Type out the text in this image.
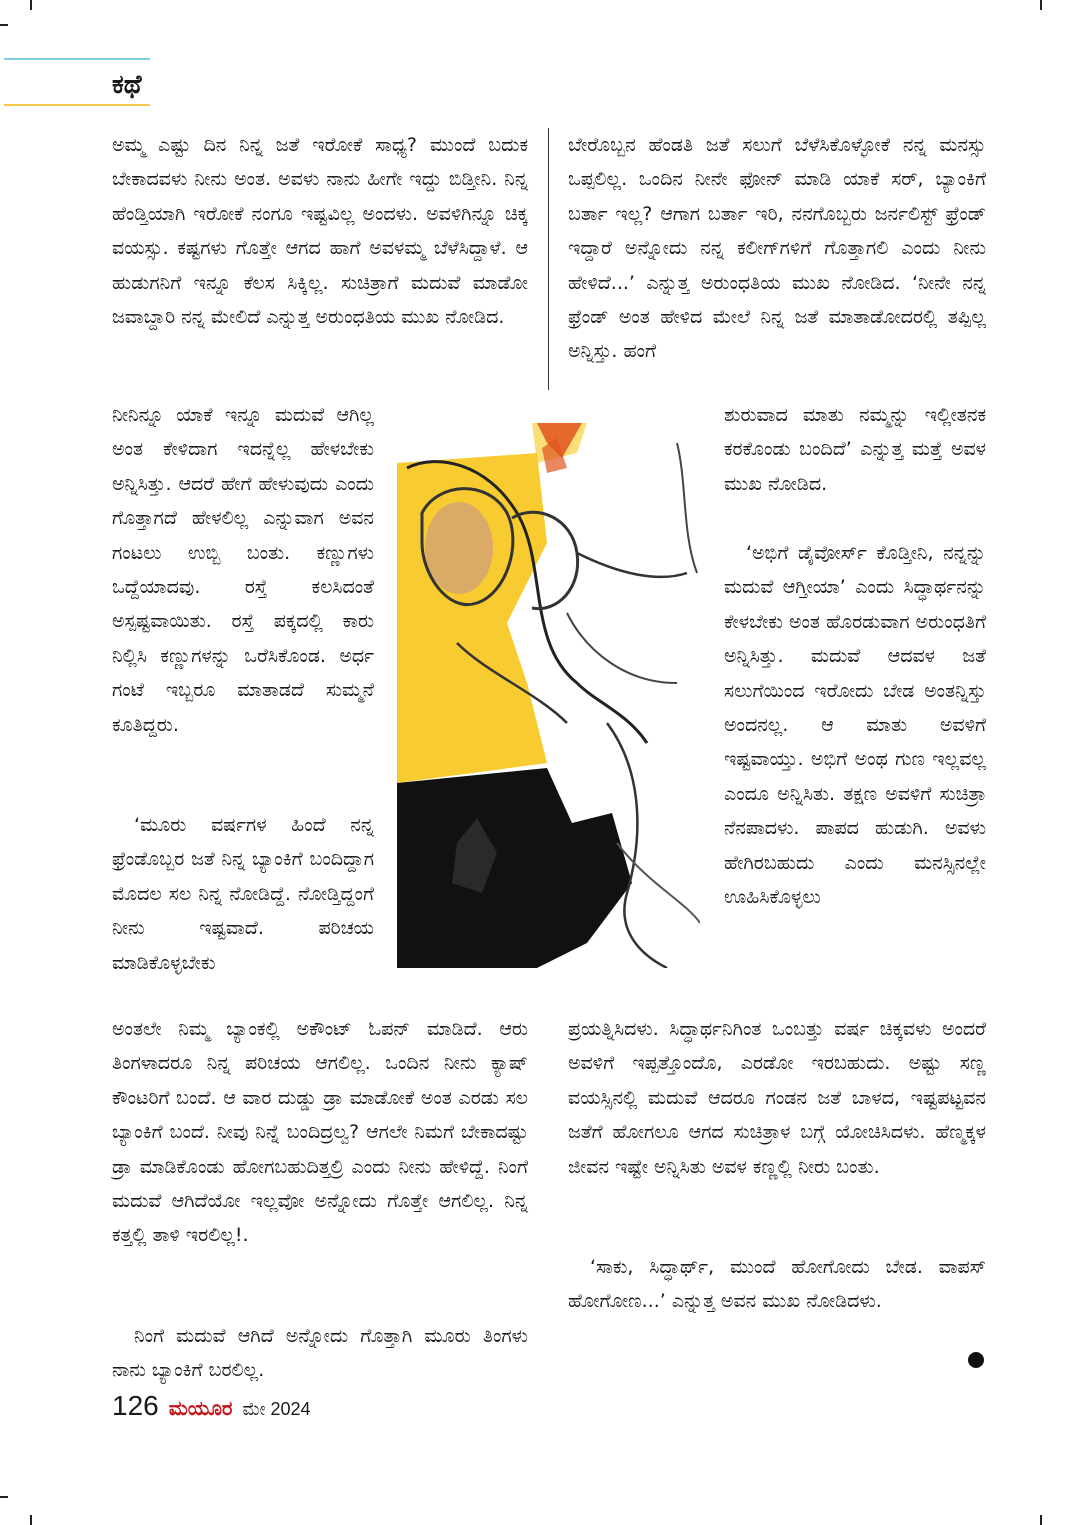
ಕಥೆ

ಅಮ್ಮ ಎಷ್ಟು ದಿನ ನಿನ್ನ ಜತೆ ಇರೋಕೆ ಸಾಧ್ಯ? ಮುಂದೆ ಬದುಕ ಬೇಕಾದವಳು ನೀನು ಅಂತ. ಅವಳು ನಾನು ಹೀಗೇ ಇದ್ದು ಬಿಡ್ತೀನಿ. ನಿನ್ನ ಹೆಂಡ್ತಿಯಾಗಿ ಇರೋಕೆ ನಂಗೂ ಇಷ್ಟವಿಲ್ಲ ಅಂದಳು. ಅವಳಿಗಿನ್ನೂ ಚಿಕ್ಕ ವಯಸ್ಸು. ಕಷ್ಟಗಳು ಗೊತ್ತೇ ಆಗದ ಹಾಗೆ ಅವಳಮ್ಮ ಬೆಳೆಸಿದ್ದಾಳೆ. ಆ ಹುಡುಗನಿಗೆ ಇನ್ನೂ ಕೆಲಸ ಸಿಕ್ಕಿಲ್ಲ. ಸುಚಿತ್ರಾಗೆ ಮದುವೆ ಮಾಡೋ ಜವಾಬ್ದಾರಿ ನನ್ನ ಮೇಲಿದೆ ಎನ್ನುತ್ತ ಅರುಂಧತಿಯ ಮುಖ ನೋಡಿದ.

ನೀನಿನ್ನೂ ಯಾಕೆ ಇನ್ನೂ ಮದುವೆ ಆಗಿಲ್ಲ ಅಂತ ಕೇಳಿದಾಗ ಇದನ್ನೆಲ್ಲ ಹೇಳಬೇಕು ಅನ್ನಿಸಿತ್ತು. ಆದರೆ ಹೇಗೆ ಹೇಳುವುದು ಎಂದು ಗೊತ್ತಾಗದೆ ಹೇಳಲಿಲ್ಲ ಎನ್ನುವಾಗ ಅವನ ಗಂಟಲು ಉಬ್ಬಿ ಬಂತು. ಕಣ್ಣುಗಳು ಒದ್ದೆಯಾದವು. ರಸ್ತೆ ಕಲಸಿದಂತೆ ಅಸ್ಪಷ್ಟವಾಯಿತು. ರಸ್ತೆ ಪಕ್ಕದಲ್ಲಿ ಕಾರು ನಿಲ್ಲಿಸಿ ಕಣ್ಣುಗಳನ್ನು ಒರೆಸಿಕೊಂಡ. ಅರ್ಧ ಗಂಟೆ ಇಬ್ಬರೂ ಮಾತಾಡದೆ ಸುಮ್ಮನೆ ಕೂತಿದ್ದರು.

‘ಮೂರು ವರ್ಷಗಳ ಹಿಂದೆ ನನ್ನ ಫ್ರೆಂಡೊಬ್ಬರ ಜತೆ ನಿನ್ನ ಬ್ಯಾಂಕಿಗೆ ಬಂದಿದ್ದಾಗ ಮೊದಲ ಸಲ ನಿನ್ನ ನೋಡಿದ್ದೆ. ನೋಡ್ತಿದ್ದಂಗೆ ನೀನು ಇಷ್ಟವಾದೆ. ಪರಿಚಯ ಮಾಡಿಕೊಳ್ಳಬೇಕು

ಅಂತಲೇ ನಿಮ್ಮ ಬ್ಯಾಂಕಲ್ಲಿ ಅಕೌಂಟ್ ಓಪನ್ ಮಾಡಿದೆ. ಆರು ತಿಂಗಳಾದರೂ ನಿನ್ನ ಪರಿಚಯ ಆಗಲಿಲ್ಲ. ಒಂದಿನ ನೀನು ಕ್ಯಾಷ್ ಕೌಂಟರಿಗೆ ಬಂದೆ. ಆ ವಾರ ದುಡ್ಡು ಡ್ರಾ ಮಾಡೋಕೆ ಅಂತ ಎರಡು ಸಲ ಬ್ಯಾಂಕಿಗೆ ಬಂದೆ. ನೀವು ನಿನ್ನೆ ಬಂದಿದ್ರಲ್ವ? ಆಗಲೇ ನಿಮಗೆ ಬೇಕಾದಷ್ಟು ಡ್ರಾ ಮಾಡಿಕೊಂಡು ಹೋಗಬಹುದಿತ್ತಲ್ರಿ ಎಂದು ನೀನು ಹೇಳಿದ್ದೆ. ನಿಂಗೆ ಮದುವೆ ಆಗಿದೆಯೋ ಇಲ್ಲವೋ ಅನ್ನೋದು ಗೊತ್ತೇ ಆಗಲಿಲ್ಲ. ನಿನ್ನ ಕತ್ತಲ್ಲಿ ತಾಳಿ ಇರಲಿಲ್ಲ!.

ನಿಂಗೆ ಮದುವೆ ಆಗಿದೆ ಅನ್ನೋದು ಗೊತ್ತಾಗಿ ಮೂರು ತಿಂಗಳು ನಾನು ಬ್ಯಾಂಕಿಗೆ ಬರಲಿಲ್ಲ.

ಬೇರೊಬ್ಬನ ಹೆಂಡತಿ ಜತೆ ಸಲುಗೆ ಬೆಳೆಸಿಕೊಳ್ಳೋಕೆ ನನ್ನ ಮನಸ್ಸು ಒಪ್ಪಲಿಲ್ಲ. ಒಂದಿನ ನೀನೇ ಫೋನ್ ಮಾಡಿ ಯಾಕೆ ಸರ್, ಬ್ಯಾಂಕಿಗೆ ಬರ್ತಾ ಇಲ್ಲ? ಆಗಾಗ ಬರ್ತಾ ಇರಿ, ನನಗೊಬ್ಬರು ಜರ್ನಲಿಸ್ಟ್ ಫ್ರೆಂಡ್ ಇದ್ದಾರೆ ಅನ್ನೋದು ನನ್ನ ಕಲೀಗ್‌ಗಳಿಗೆ ಗೊತ್ತಾಗಲಿ ಎಂದು ನೀನು ಹೇಳಿದೆ...’ ಎನ್ನುತ್ತ ಅರುಂಧತಿಯ ಮುಖ ನೋಡಿದ. ‘ನೀನೇ ನನ್ನ ಫ್ರೆಂಡ್ ಅಂತ ಹೇಳಿದ ಮೇಲೆ ನಿನ್ನ ಜತೆ ಮಾತಾಡೋದರಲ್ಲಿ ತಪ್ಪಿಲ್ಲ ಅನ್ನಿಸ್ತು. ಹಂಗೆ

ಶುರುವಾದ ಮಾತು ನಮ್ಮನ್ನು ಇಲ್ಲೀತನಕ ಕರಕೊಂಡು ಬಂದಿದೆ’ ಎನ್ನುತ್ತ ಮತ್ತೆ ಅವಳ ಮುಖ ನೋಡಿದ.

‘ಅಭಿಗೆ ಡೈವೋರ್ಸ್ ಕೊಡ್ತೀನಿ, ನನ್ನನ್ನು ಮದುವೆ ಆಗ್ತೀಯಾ’ ಎಂದು ಸಿದ್ಧಾರ್ಥನನ್ನು ಕೇಳಬೇಕು ಅಂತ ಹೊರಡುವಾಗ ಅರುಂಧತಿಗೆ ಅನ್ನಿಸಿತ್ತು. ಮದುವೆ ಆದವಳ ಜತೆ ಸಲುಗೆಯಿಂದ ಇರೋದು ಬೇಡ ಅಂತನ್ನಿಸ್ತು ಅಂದನಲ್ಲ. ಆ ಮಾತು ಅವಳಿಗೆ ಇಷ್ಟವಾಯ್ತು. ಅಭಿಗೆ ಅಂಥ ಗುಣ ಇಲ್ಲವಲ್ಲ ಎಂದೂ ಅನ್ನಿಸಿತು. ತಕ್ಷಣ ಅವಳಿಗೆ ಸುಚಿತ್ರಾ ನೆನಪಾದಳು. ಪಾಪದ ಹುಡುಗಿ. ಅವಳು ಹೇಗಿರಬಹುದು ಎಂದು ಮನಸ್ಸಿನಲ್ಲೇ ಊಹಿಸಿಕೊಳ್ಳಲು

ಪ್ರಯತ್ನಿಸಿದಳು. ಸಿದ್ಧಾರ್ಥನಿಗಿಂತ ಒಂಬತ್ತು ವರ್ಷ ಚಿಕ್ಕವಳು ಅಂದರೆ ಅವಳಿಗೆ ಇಪ್ಪತ್ತೊಂದೊ, ಎರಡೋ ಇರಬಹುದು. ಅಷ್ಟು ಸಣ್ಣ ವಯಸ್ಸಿನಲ್ಲಿ ಮದುವೆ ಆದರೂ ಗಂಡನ ಜತೆ ಬಾಳದ, ಇಷ್ಟಪಟ್ಟವನ ಜತೆಗೆ ಹೋಗಲೂ ಆಗದ ಸುಚಿತ್ರಾಳ ಬಗ್ಗೆ ಯೋಚಿಸಿದಳು. ಹೆಣ್ಮಕ್ಕಳ ಜೀವನ ಇಷ್ಟೇ ಅನ್ನಿಸಿತು ಅವಳ ಕಣ್ಣಲ್ಲಿ ನೀರು ಬಂತು.

‘ಸಾಕು, ಸಿದ್ಧಾರ್ಥ್, ಮುಂದೆ ಹೋಗೋದು ಬೇಡ. ವಾಪಸ್ ಹೋಗೋಣ...’ ಎನ್ನುತ್ತ ಅವನ ಮುಖ ನೋಡಿದಳು.

126 ಮಯೂರ ಮೇ 2024
